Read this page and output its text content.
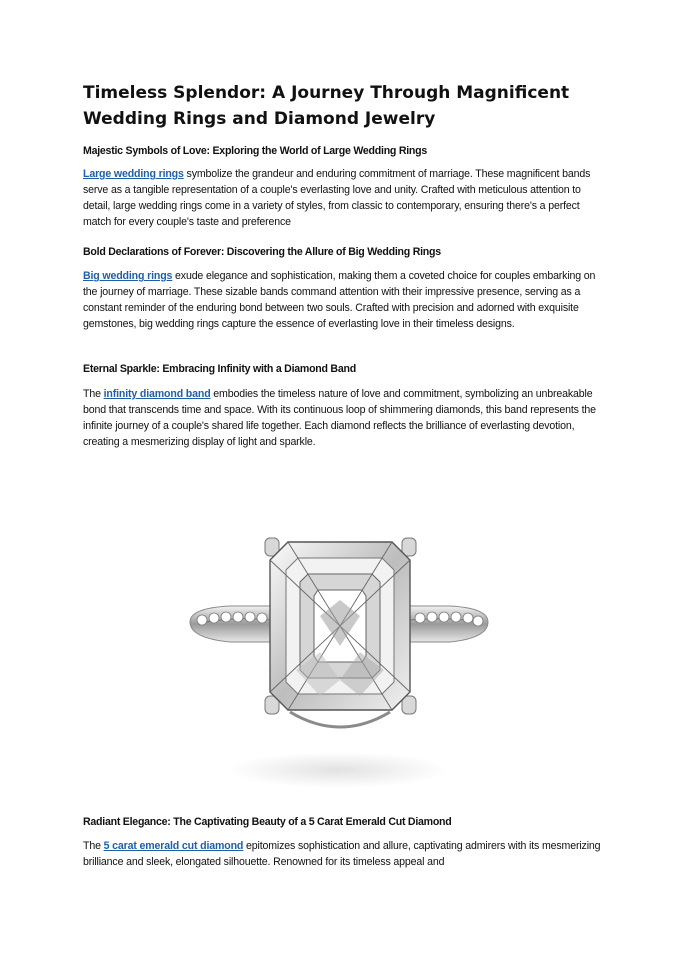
Timeless Splendor: A Journey Through Magnificent Wedding Rings and Diamond Jewelry
Majestic Symbols of Love: Exploring the World of Large Wedding Rings

Large wedding rings symbolize the grandeur and enduring commitment of marriage. These magnificent bands serve as a tangible representation of a couple's everlasting love and unity. Crafted with meticulous attention to detail, large wedding rings come in a variety of styles, from classic to contemporary, ensuring there's a perfect match for every couple's taste and preference

Bold Declarations of Forever: Discovering the Allure of Big Wedding Rings

Big wedding rings exude elegance and sophistication, making them a coveted choice for couples embarking on the journey of marriage. These sizable bands command attention with their impressive presence, serving as a constant reminder of the enduring bond between two souls. Crafted with precision and adorned with exquisite gemstones, big wedding rings capture the essence of everlasting love in their timeless designs.

Eternal Sparkle: Embracing Infinity with a Diamond Band

The infinity diamond band embodies the timeless nature of love and commitment, symbolizing an unbreakable bond that transcends time and space. With its continuous loop of shimmering diamonds, this band represents the infinite journey of a couple's shared life together. Each diamond reflects the brilliance of everlasting devotion, creating a mesmerizing display of light and sparkle.

Radiant Elegance: The Captivating Beauty of a 5 Carat Emerald Cut Diamond

The 5 carat emerald cut diamond epitomizes sophistication and allure, captivating admirers with its mesmerizing brilliance and sleek, elongated silhouette. Renowned for its timeless appeal and
